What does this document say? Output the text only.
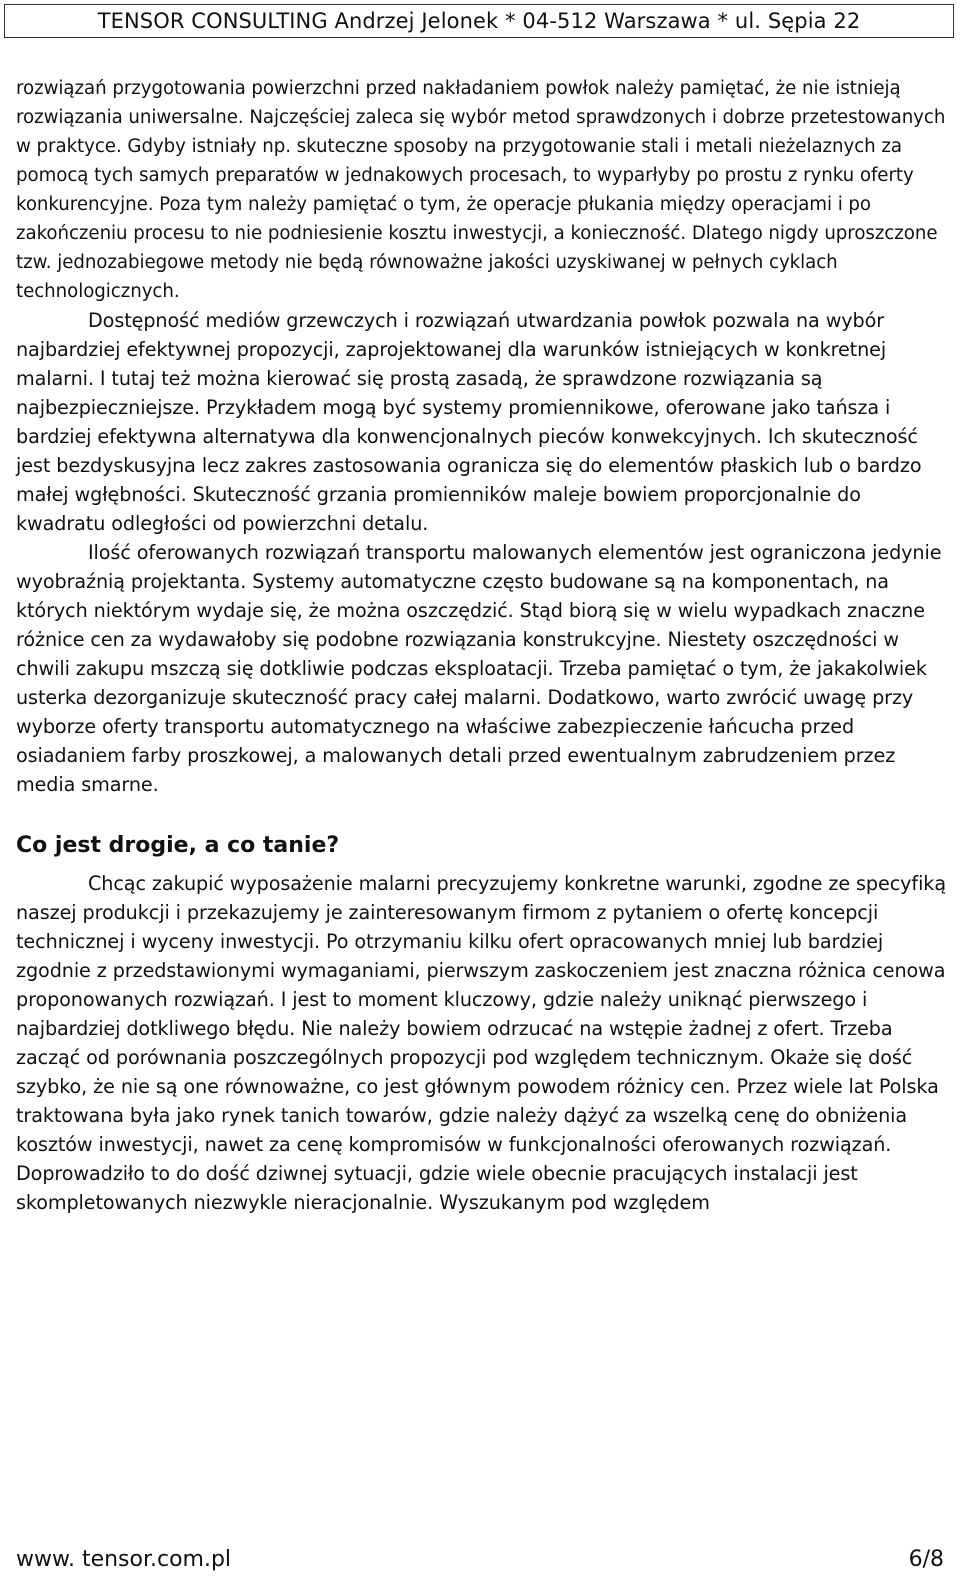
TENSOR CONSULTING Andrzej Jelonek * 04-512 Warszawa * ul. Sępia 22

rozwiązań przygotowania powierzchni przed nakładaniem powłok należy pamiętać, że nie istnieją rozwiązania uniwersalne. Najczęściej zaleca się wybór metod sprawdzonych i dobrze przetestowanych w praktyce. Gdyby istniały np. skuteczne sposoby na przygotowanie stali i metali nieżelaznych za pomocą tych samych preparatów w jednakowych procesach, to wyparłyby po prostu z rynku oferty konkurencyjne. Poza tym należy pamiętać o tym, że operacje płukania między operacjami i po zakończeniu procesu to nie podniesienie kosztu inwestycji, a konieczność. Dlatego nigdy uproszczone tzw. jednozabiegowe metody nie będą równoważne jakości uzyskiwanej w pełnych cyklach technologicznych.

Dostępność mediów grzewczych i rozwiązań utwardzania powłok pozwala na wybór najbardziej efektywnej propozycji, zaprojektowanej dla warunków istniejących w konkretnej malarni. I tutaj też można kierować się prostą zasadą, że sprawdzone rozwiązania są najbezpieczniejsze. Przykładem mogą być systemy promiennikowe, oferowane jako tańsza i bardziej efektywna alternatywa dla konwencjonalnych pieców konwekcyjnych. Ich skuteczność jest bezdyskusyjna lecz zakres zastosowania ogranicza się do elementów płaskich lub o bardzo małej wgłębności. Skuteczność grzania promienników maleje bowiem proporcjonalnie do kwadratu odległości od powierzchni detalu.

Ilość oferowanych rozwiązań transportu malowanych elementów jest ograniczona jedynie wyobraźnią projektanta. Systemy automatyczne często budowane są na komponentach, na których niektórym wydaje się, że można oszczędzić. Stąd biorą się w wielu wypadkach znaczne różnice cen za wydawałoby się podobne rozwiązania konstrukcyjne. Niestety oszczędności w chwili zakupu mszczą się dotkliwie podczas eksploatacji. Trzeba pamiętać o tym, że jakakolwiek usterka dezorganizuje skuteczność pracy całej malarni. Dodatkowo, warto zwrócić uwagę przy wyborze oferty transportu automatycznego na właściwe zabezpieczenie łańcucha przed osiadaniem farby proszkowej, a malowanych detali przed ewentualnym zabrudzeniem przez media smarne.

Co jest drogie, a co tanie?

Chcąc zakupić wyposażenie malarni precyzujemy konkretne warunki, zgodne ze specyfiką naszej produkcji i przekazujemy je zainteresowanym firmom z pytaniem o ofertę koncepcji technicznej i wyceny inwestycji. Po otrzymaniu kilku ofert opracowanych mniej lub bardziej zgodnie z przedstawionymi wymaganiami, pierwszym zaskoczeniem jest znaczna różnica cenowa proponowanych rozwiązań. I jest to moment kluczowy, gdzie należy uniknąć pierwszego i najbardziej dotkliwego błędu. Nie należy bowiem odrzucać na wstępie żadnej z ofert. Trzeba zacząć od porównania poszczególnych propozycji pod względem technicznym. Okaże się dość szybko, że nie są one równoważne, co jest głównym powodem różnicy cen. Przez wiele lat Polska traktowana była jako rynek tanich towarów, gdzie należy dążyć za wszelką cenę do obniżenia kosztów inwestycji, nawet za cenę kompromisów w funkcjonalności oferowanych rozwiązań. Doprowadziło to do dość dziwnej sytuacji, gdzie wiele obecnie pracujących instalacji jest skompletowanych niezwykle nieracjonalnie. Wyszukanym pod względem

www. tensor.com.pl	6/8
